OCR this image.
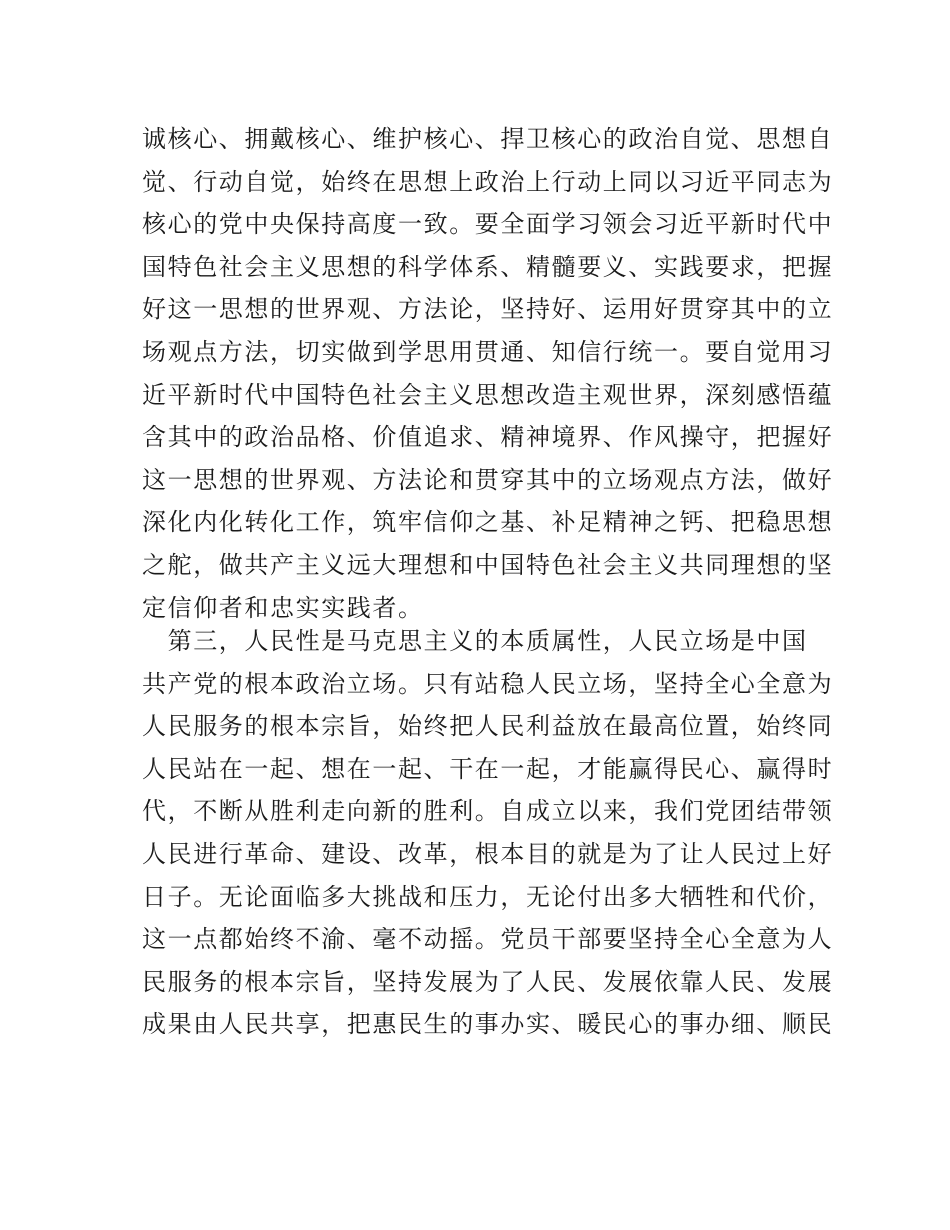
诚核心、拥戴核心、维护核心、捍卫核心的政治自觉、思想自
觉、行动自觉，始终在思想上政治上行动上同以习近平同志为
核心的党中央保持高度一致。要全面学习领会习近平新时代中
国特色社会主义思想的科学体系、精髓要义、实践要求，把握
好这一思想的世界观、方法论，坚持好、运用好贯穿其中的立
场观点方法，切实做到学思用贯通、知信行统一。要自觉用习
近平新时代中国特色社会主义思想改造主观世界，深刻感悟蕴
含其中的政治品格、价值追求、精神境界、作风操守，把握好
这一思想的世界观、方法论和贯穿其中的立场观点方法，做好
深化内化转化工作，筑牢信仰之基、补足精神之钙、把稳思想
之舵，做共产主义远大理想和中国特色社会主义共同理想的坚
定信仰者和忠实实践者。
　第三，人民性是马克思主义的本质属性，人民立场是中国
共产党的根本政治立场。只有站稳人民立场，坚持全心全意为
人民服务的根本宗旨，始终把人民利益放在最高位置，始终同
人民站在一起、想在一起、干在一起，才能赢得民心、赢得时
代，不断从胜利走向新的胜利。自成立以来，我们党团结带领
人民进行革命、建设、改革，根本目的就是为了让人民过上好
日子。无论面临多大挑战和压力，无论付出多大牺牲和代价，
这一点都始终不渝、毫不动摇。党员干部要坚持全心全意为人
民服务的根本宗旨，坚持发展为了人民、发展依靠人民、发展
成果由人民共享，把惠民生的事办实、暖民心的事办细、顺民
